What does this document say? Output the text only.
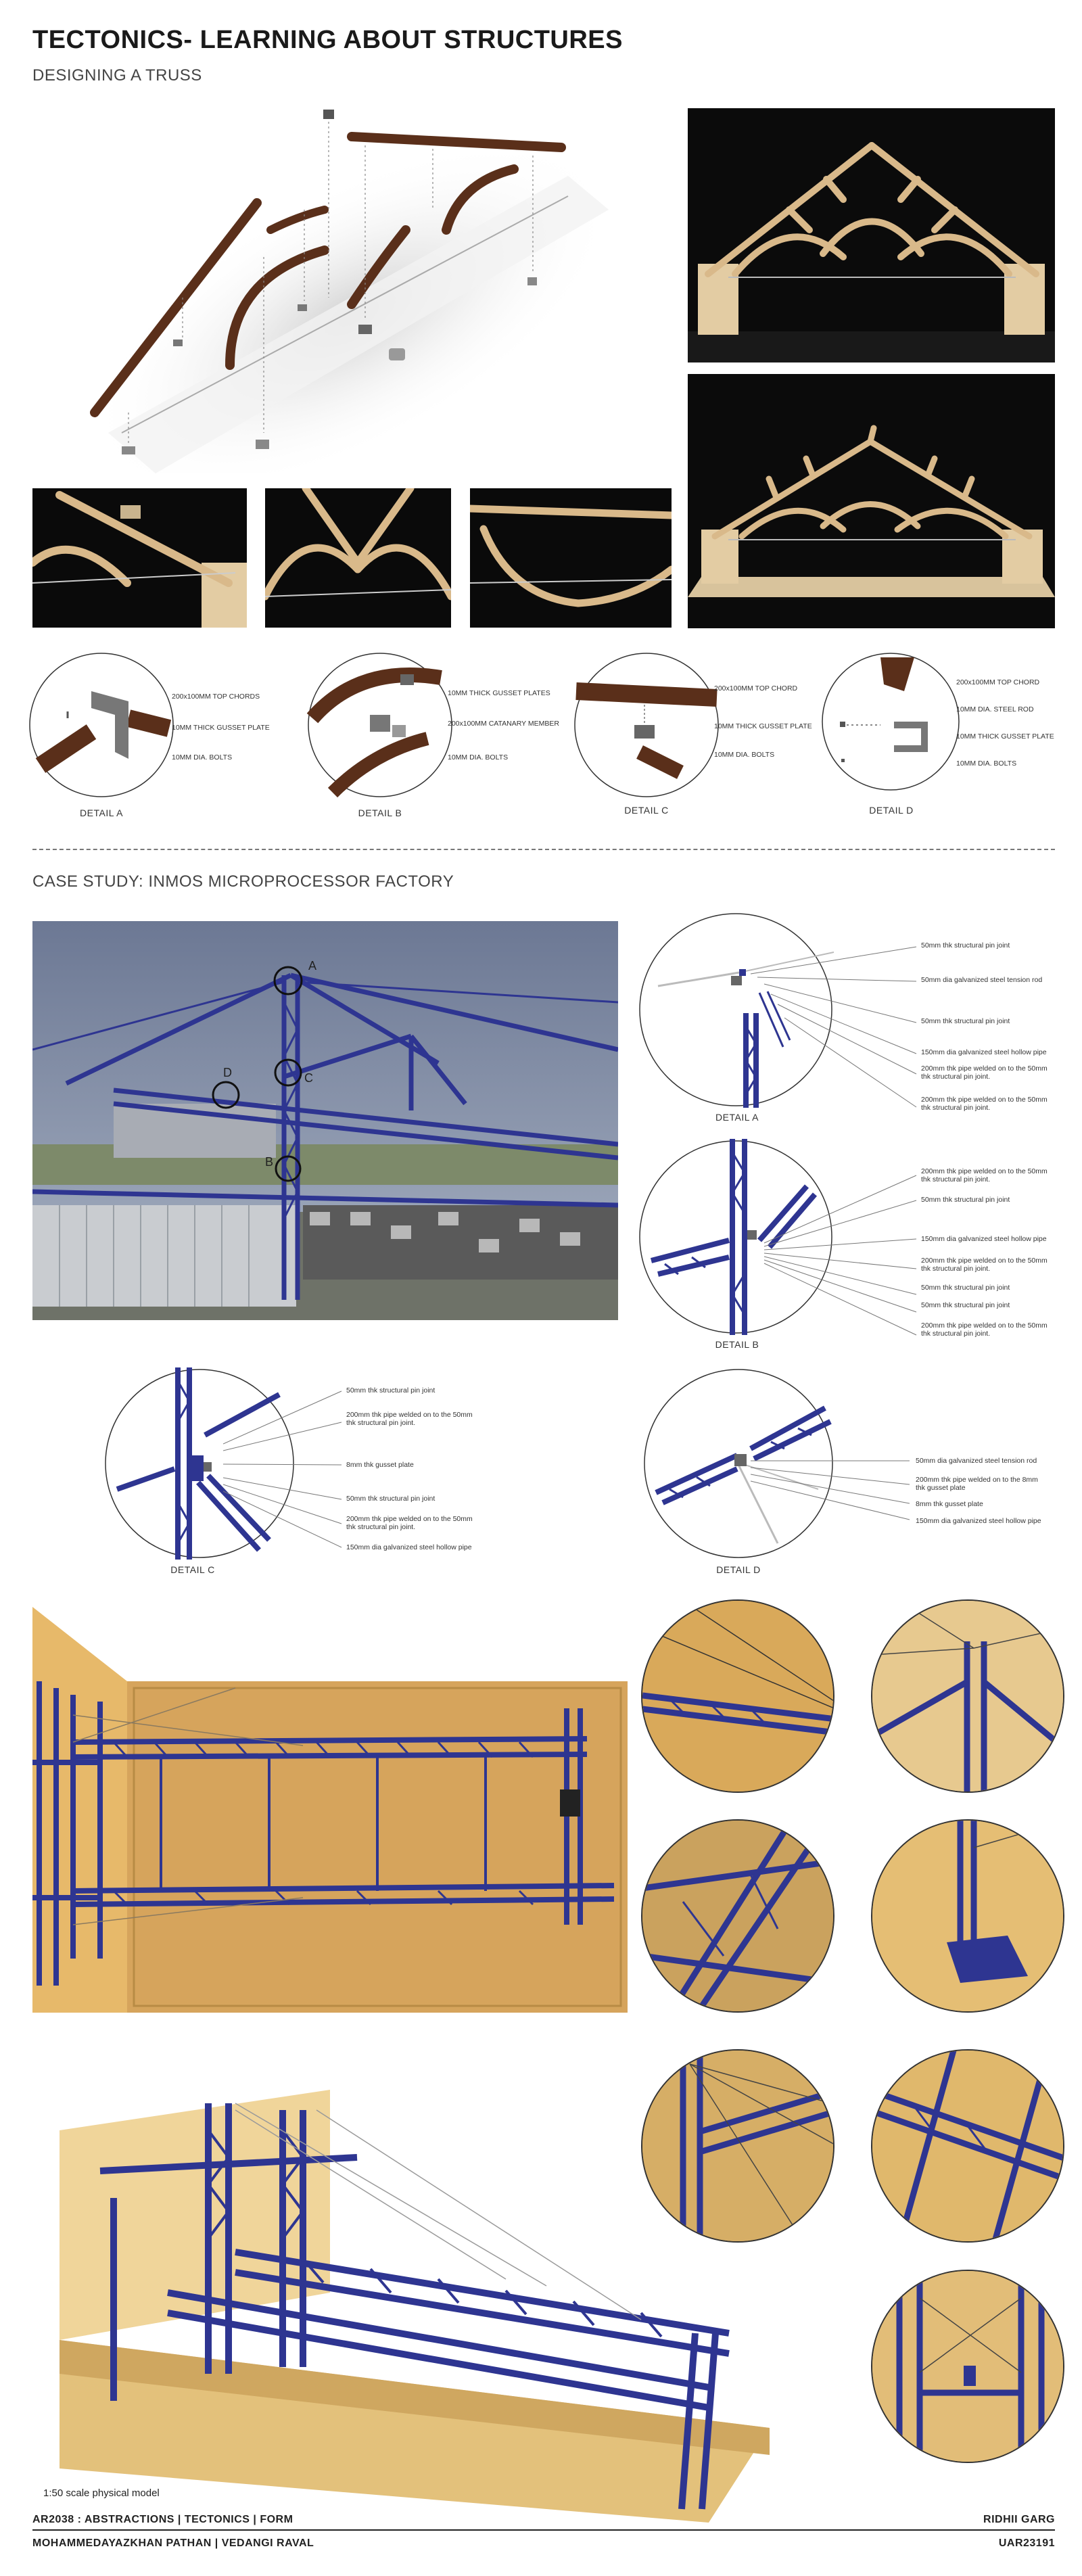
TECTONICS- LEARNING ABOUT STRUCTURES
DESIGNING A TRUSS
200x100MM TOP CHORDS
10MM THICK GUSSET PLATE
10MM DIA. BOLTS
DETAIL A
10MM THICK GUSSET PLATES
200x100MM CATANARY MEMBER
10MM DIA. BOLTS
DETAIL B
200x100MM TOP CHORD
10MM THICK GUSSET PLATE
10MM DIA. BOLTS
DETAIL C
200x100MM TOP CHORD
10MM DIA. STEEL ROD
10MM THICK GUSSET PLATE
10MM DIA. BOLTS
DETAIL D
CASE STUDY: INMOS MICROPROCESSOR FACTORY
A
D	C
B
50mm thk structural pin joint
50mm dia galvanized steel tension rod
50mm thk structural pin joint
150mm dia galvanized steel hollow pipe
200mm thk pipe welded on to the 50mm thk structural pin joint.
200mm thk pipe welded on to the 50mm thk structural pin joint.
DETAIL A
200mm thk pipe welded on to the 50mm thk structural pin joint.
50mm thk structural pin joint
150mm dia galvanized steel hollow pipe
200mm thk pipe welded on to the 50mm thk structural pin joint.
50mm thk structural pin joint
50mm thk structural pin joint
200mm thk pipe welded on to the 50mm thk structural pin joint.
DETAIL B
50mm thk structural pin joint
200mm thk pipe welded on to the 50mm thk structural pin joint.
8mm thk gusset plate
50mm thk structural pin joint
200mm thk pipe welded on to the 50mm thk structural pin joint.
150mm dia galvanized steel hollow pipe
DETAIL C
50mm dia galvanized steel tension rod
200mm thk pipe welded on to the 8mm thk gusset plate
8mm thk gusset plate
150mm dia galvanized steel hollow pipe
DETAIL D
1:50 scale physical model
AR2038 : ABSTRACTIONS | TECTONICS | FORM
MOHAMMEDAYAZKHAN PATHAN | VEDANGI RAVAL
RIDHII GARG
UAR23191
